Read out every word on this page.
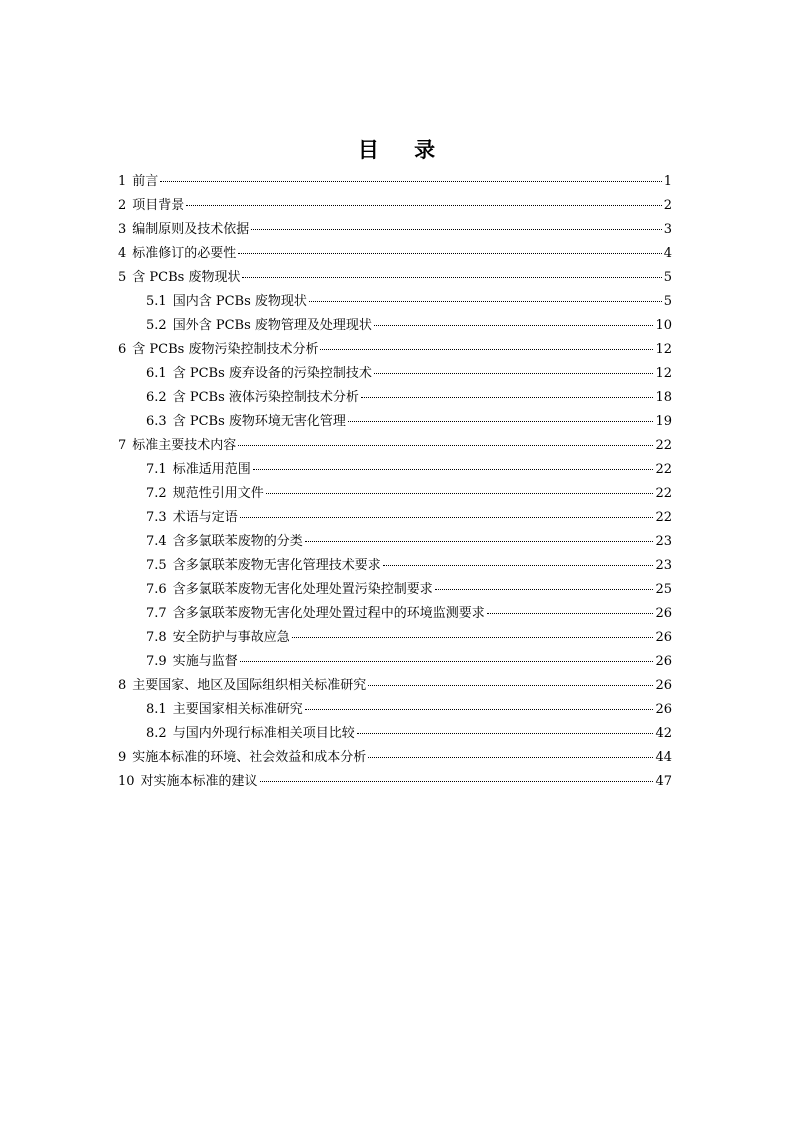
目 录
1 前言	1
2 项目背景	2
3 编制原则及技术依据	3
4 标准修订的必要性	4
5 含 PCBs 废物现状	5
5.1 国内含 PCBs 废物现状	5
5.2 国外含 PCBs 废物管理及处理现状	10
6 含 PCBs 废物污染控制技术分析	12
6.1 含 PCBs 废弃设备的污染控制技术	12
6.2 含 PCBs 液体污染控制技术分析	18
6.3 含 PCBs 废物环境无害化管理	19
7 标准主要技术内容	22
7.1 标准适用范围	22
7.2 规范性引用文件	22
7.3 术语与定语	22
7.4 含多氯联苯废物的分类	23
7.5 含多氯联苯废物无害化管理技术要求	23
7.6 含多氯联苯废物无害化处理处置污染控制要求	25
7.7 含多氯联苯废物无害化处理处置过程中的环境监测要求	26
7.8 安全防护与事故应急	26
7.9 实施与监督	26
8 主要国家、地区及国际组织相关标准研究	26
8.1 主要国家相关标准研究	26
8.2 与国内外现行标准相关项目比较	42
9 实施本标准的环境、社会效益和成本分析	44
10 对实施本标准的建议	47
